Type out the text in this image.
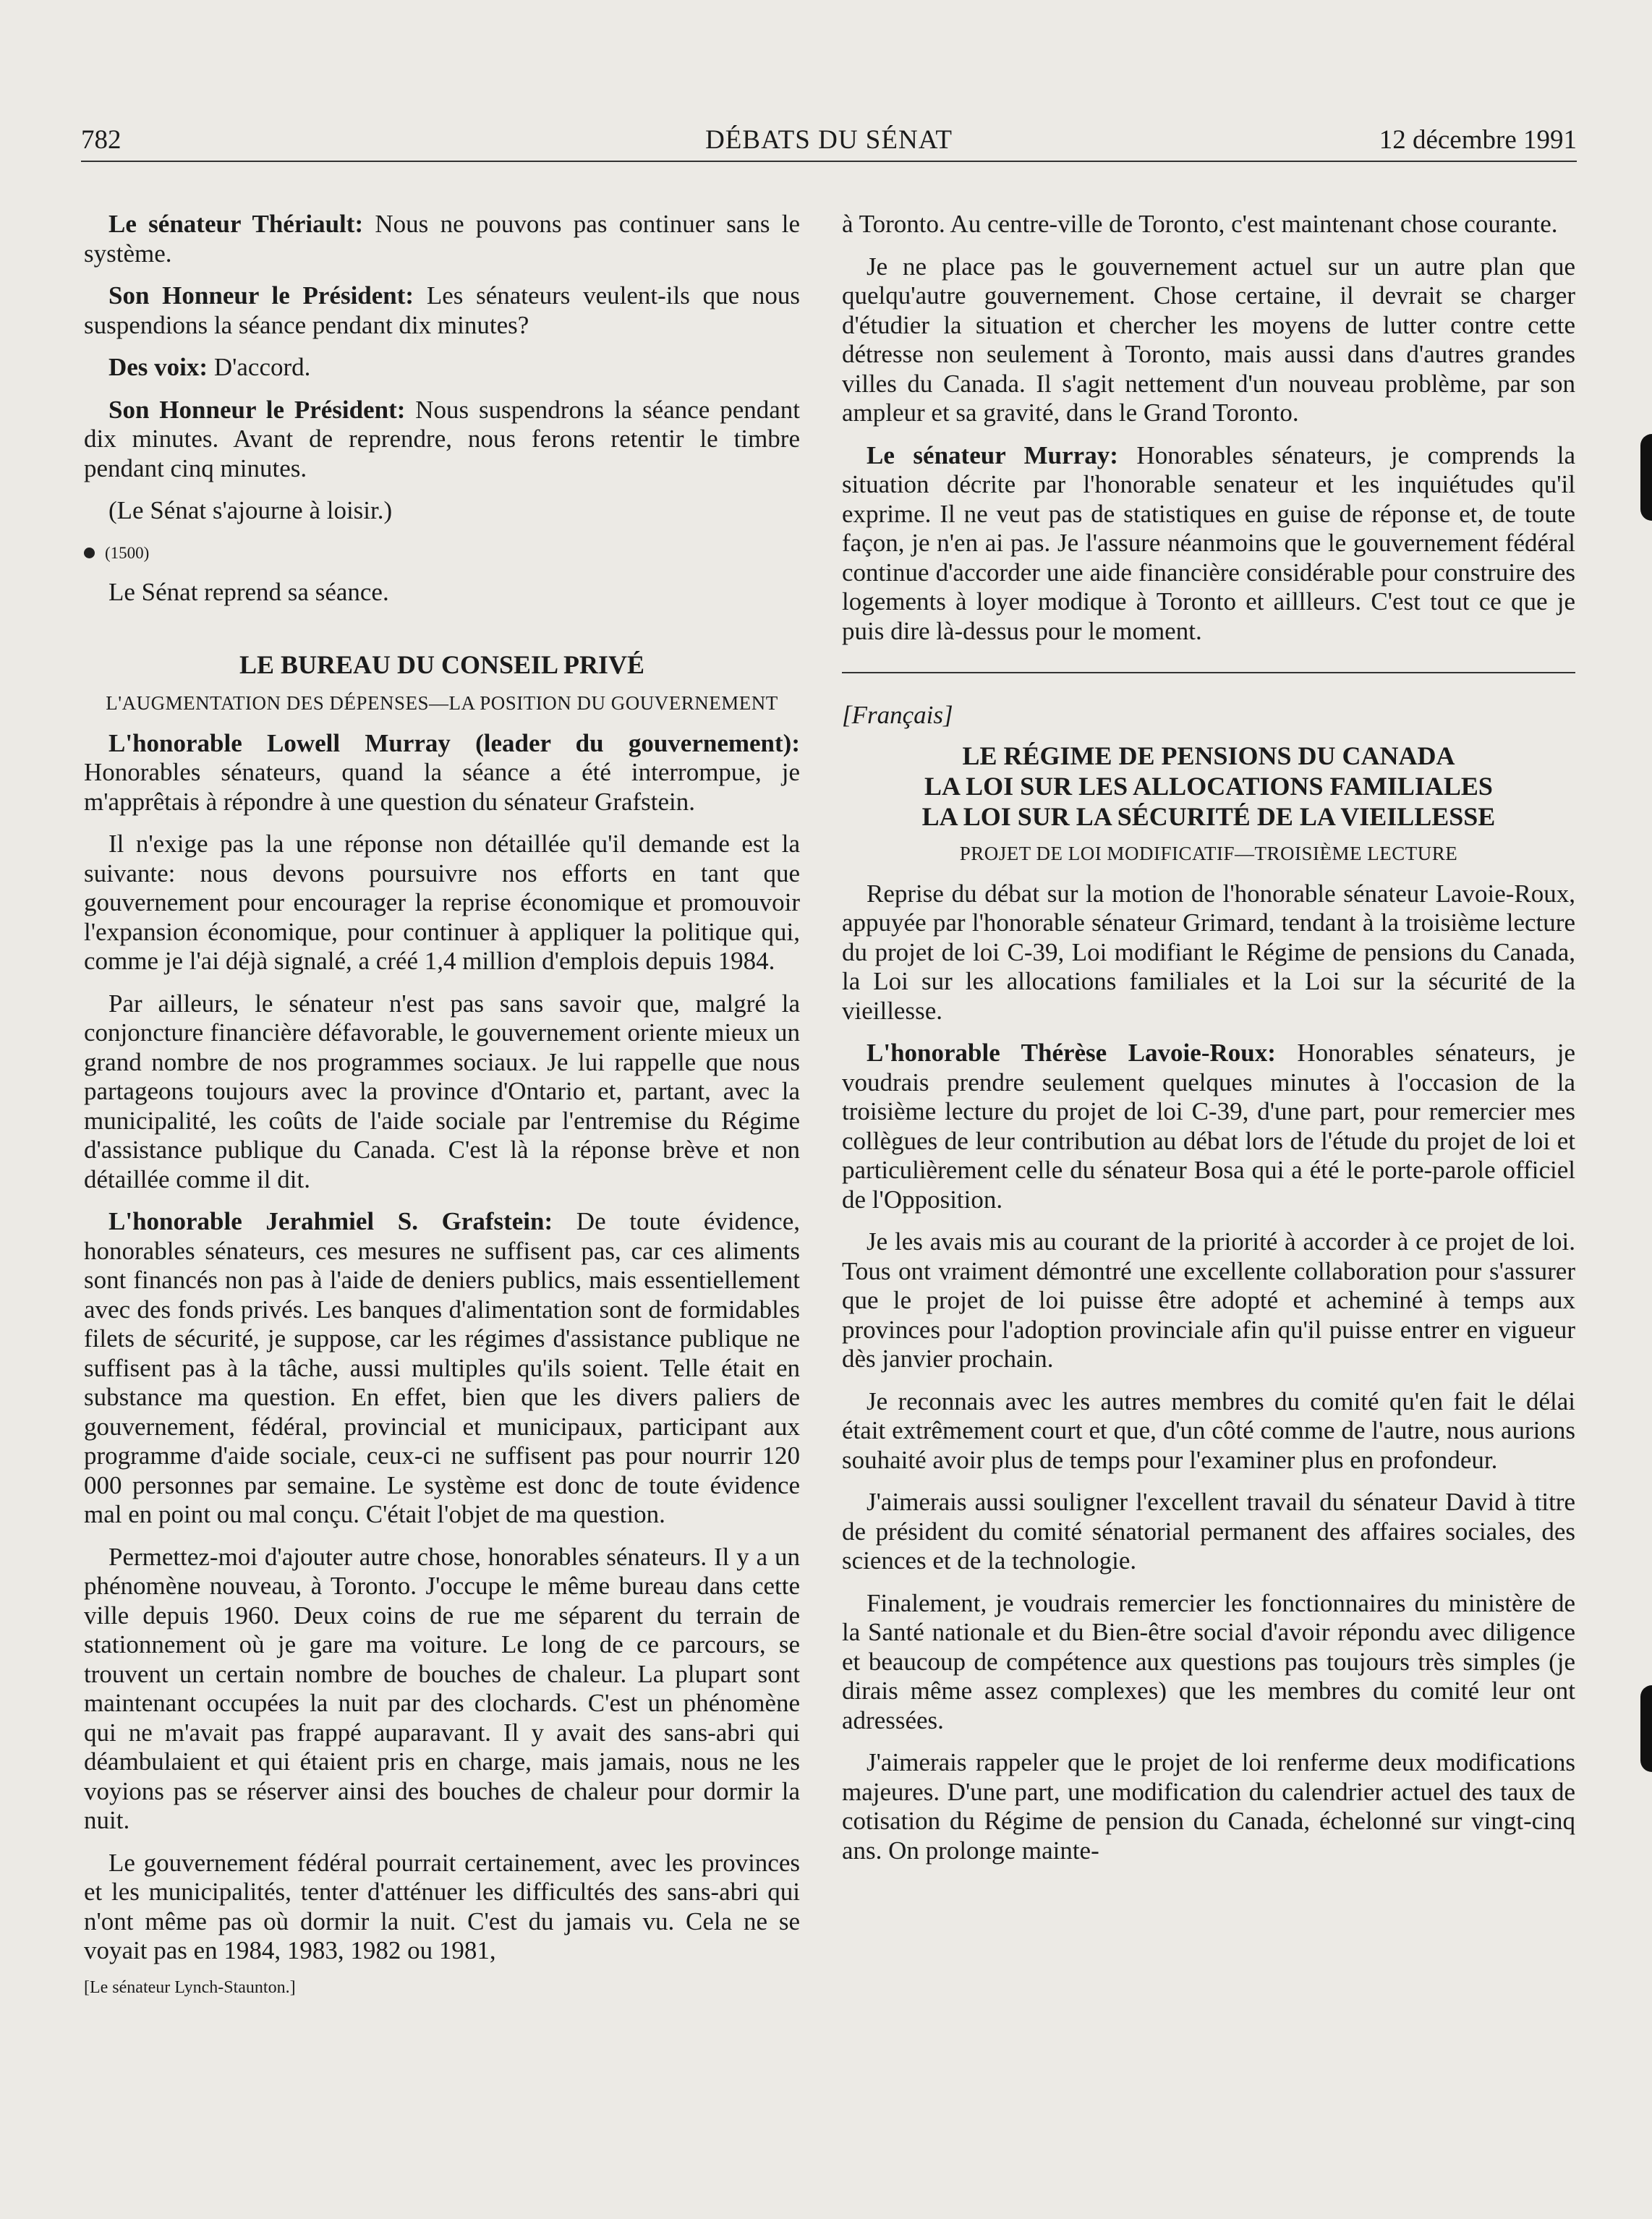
782	DÉBATS DU SÉNAT	12 décembre 1991

Le sénateur Thériault: Nous ne pouvons pas continuer sans le système.

Son Honneur le Président: Les sénateurs veulent-ils que nous suspendions la séance pendant dix minutes?

Des voix: D'accord.

Son Honneur le Président: Nous suspendrons la séance pendant dix minutes. Avant de reprendre, nous ferons retentir le timbre pendant cinq minutes.

(Le Sénat s'ajourne à loisir.)

(1500)

Le Sénat reprend sa séance.

LE BUREAU DU CONSEIL PRIVÉ
L'AUGMENTATION DES DÉPENSES—LA POSITION DU GOUVERNEMENT

L'honorable Lowell Murray (leader du gouvernement): Honorables sénateurs, quand la séance a été interrompue, je m'apprêtais à répondre à une question du sénateur Grafstein.

Il n'exige pas la une réponse non détaillée qu'il demande est la suivante: nous devons poursuivre nos efforts en tant que gouvernement pour encourager la reprise économique et promouvoir l'expansion économique, pour continuer à appliquer la politique qui, comme je l'ai déjà signalé, a créé 1,4 million d'emplois depuis 1984.

Par ailleurs, le sénateur n'est pas sans savoir que, malgré la conjoncture financière défavorable, le gouvernement oriente mieux un grand nombre de nos programmes sociaux. Je lui rappelle que nous partageons toujours avec la province d'Ontario et, partant, avec la municipalité, les coûts de l'aide sociale par l'entremise du Régime d'assistance publique du Canada. C'est là la réponse brève et non détaillée comme il dit.

L'honorable Jerahmiel S. Grafstein: De toute évidence, honorables sénateurs, ces mesures ne suffisent pas, car ces aliments sont financés non pas à l'aide de deniers publics, mais essentiellement avec des fonds privés. Les banques d'alimentation sont de formidables filets de sécurité, je suppose, car les régimes d'assistance publique ne suffisent pas à la tâche, aussi multiples qu'ils soient. Telle était en substance ma question. En effet, bien que les divers paliers de gouvernement, fédéral, provincial et municipaux, participant aux programme d'aide sociale, ceux-ci ne suffisent pas pour nourrir 120 000 personnes par semaine. Le système est donc de toute évidence mal en point ou mal conçu. C'était l'objet de ma question.

Permettez-moi d'ajouter autre chose, honorables sénateurs. Il y a un phénomène nouveau, à Toronto. J'occupe le même bureau dans cette ville depuis 1960. Deux coins de rue me séparent du terrain de stationnement où je gare ma voiture. Le long de ce parcours, se trouvent un certain nombre de bouches de chaleur. La plupart sont maintenant occupées la nuit par des clochards. C'est un phénomène qui ne m'avait pas frappé auparavant. Il y avait des sans-abri qui déambulaient et qui étaient pris en charge, mais jamais, nous ne les voyions pas se réserver ainsi des bouches de chaleur pour dormir la nuit.

Le gouvernement fédéral pourrait certainement, avec les provinces et les municipalités, tenter d'atténuer les difficultés des sans-abri qui n'ont même pas où dormir la nuit. C'est du jamais vu. Cela ne se voyait pas en 1984, 1983, 1982 ou 1981,

[Le sénateur Lynch-Staunton.]

à Toronto. Au centre-ville de Toronto, c'est maintenant chose courante.

Je ne place pas le gouvernement actuel sur un autre plan que quelqu'autre gouvernement. Chose certaine, il devrait se charger d'étudier la situation et chercher les moyens de lutter contre cette détresse non seulement à Toronto, mais aussi dans d'autres grandes villes du Canada. Il s'agit nettement d'un nouveau problème, par son ampleur et sa gravité, dans le Grand Toronto.

Le sénateur Murray: Honorables sénateurs, je comprends la situation décrite par l'honorable senateur et les inquiétudes qu'il exprime. Il ne veut pas de statistiques en guise de réponse et, de toute façon, je n'en ai pas. Je l'assure néanmoins que le gouvernement fédéral continue d'accorder une aide financière considérable pour construire des logements à loyer modique à Toronto et aillleurs. C'est tout ce que je puis dire là-dessus pour le moment.

[Français]

LE RÉGIME DE PENSIONS DU CANADA
LA LOI SUR LES ALLOCATIONS FAMILIALES
LA LOI SUR LA SÉCURITÉ DE LA VIEILLESSE
PROJET DE LOI MODIFICATIF—TROISIÈME LECTURE

Reprise du débat sur la motion de l'honorable sénateur Lavoie-Roux, appuyée par l'honorable sénateur Grimard, tendant à la troisième lecture du projet de loi C-39, Loi modifiant le Régime de pensions du Canada, la Loi sur les allocations familiales et la Loi sur la sécurité de la vieillesse.

L'honorable Thérèse Lavoie-Roux: Honorables sénateurs, je voudrais prendre seulement quelques minutes à l'occasion de la troisième lecture du projet de loi C-39, d'une part, pour remercier mes collègues de leur contribution au débat lors de l'étude du projet de loi et particulièrement celle du sénateur Bosa qui a été le porte-parole officiel de l'Opposition.

Je les avais mis au courant de la priorité à accorder à ce projet de loi. Tous ont vraiment démontré une excellente collaboration pour s'assurer que le projet de loi puisse être adopté et acheminé à temps aux provinces pour l'adoption provinciale afin qu'il puisse entrer en vigueur dès janvier prochain.

Je reconnais avec les autres membres du comité qu'en fait le délai était extrêmement court et que, d'un côté comme de l'autre, nous aurions souhaité avoir plus de temps pour l'examiner plus en profondeur.

J'aimerais aussi souligner l'excellent travail du sénateur David à titre de président du comité sénatorial permanent des affaires sociales, des sciences et de la technologie.

Finalement, je voudrais remercier les fonctionnaires du ministère de la Santé nationale et du Bien-être social d'avoir répondu avec diligence et beaucoup de compétence aux questions pas toujours très simples (je dirais même assez complexes) que les membres du comité leur ont adressées.

J'aimerais rappeler que le projet de loi renferme deux modifications majeures. D'une part, une modification du calendrier actuel des taux de cotisation du Régime de pension du Canada, échelonné sur vingt-cinq ans. On prolonge mainte-
